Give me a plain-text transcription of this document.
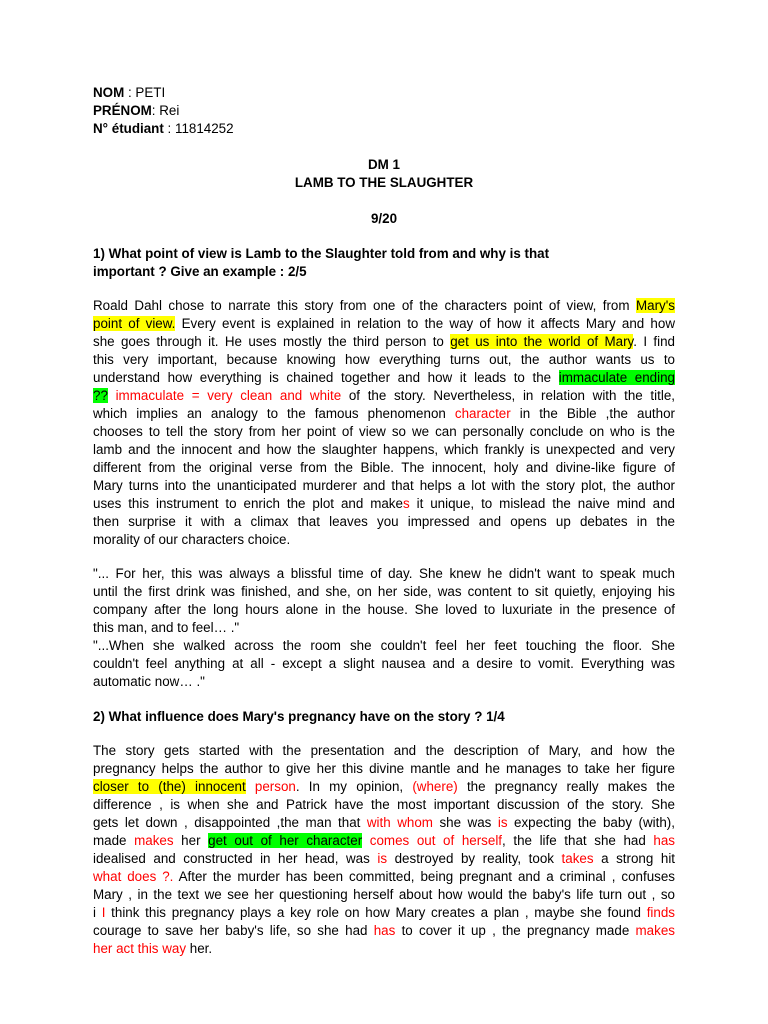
NOM : PETI
PRÉNOM: Rei
N° étudiant : 11814252
DM 1
LAMB TO THE SLAUGHTER
9/20
1) What point of view is Lamb to the Slaughter told from and why is that
important ? Give an example : 2/5
Roald Dahl chose to narrate this story from one of the characters point of view, from Mary's
point of view. Every event is explained in relation to the way of how it affects Mary and how
she goes through it. He uses mostly the third person to get us into the world of Mary. I find
this very important, because knowing how everything turns out, the author wants us to
understand how everything is chained together and how it leads to the immaculate ending
?? immaculate = very clean and white of the story. Nevertheless, in relation with the title,
which implies an analogy to the famous phenomenon character in the Bible ,the author
chooses to tell the story from her point of view so we can personally conclude on who is the
lamb and the innocent and how the slaughter happens, which frankly is unexpected and very
different from the original verse from the Bible. The innocent, holy and divine-like figure of
Mary turns into the unanticipated murderer and that helps a lot with the story plot, the author
uses this instrument to enrich the plot and makes it unique, to mislead the naive mind and
then surprise it with a climax that leaves you impressed and opens up debates in the
morality of our characters choice.
"... For her, this was always a blissful time of day. She knew he didn't want to speak much
until the first drink was finished, and she, on her side, was content to sit quietly, enjoying his
company after the long hours alone in the house. She loved to luxuriate in the presence of
this man, and to feel… ."
"...When she walked across the room she couldn't feel her feet touching the floor. She
couldn't feel anything at all - except a slight nausea and a desire to vomit. Everything was
automatic now… ."
2) What influence does Mary's pregnancy have on the story ? 1/4
The story gets started with the presentation and the description of Mary, and how the
pregnancy helps the author to give her this divine mantle and he manages to take her figure
closer to (the) innocent person. In my opinion, (where) the pregnancy really makes the
difference , is when she and Patrick have the most important discussion of the story. She
gets let down , disappointed ,the man that with whom she was is expecting the baby (with),
made makes her get out of her character comes out of herself, the life that she had has
idealised and constructed in her head, was is destroyed by reality, took takes a strong hit
what does ?. After the murder has been committed, being pregnant and a criminal , confuses
Mary , in the text we see her questioning herself about how would the baby's life turn out , so
i I think this pregnancy plays a key role on how Mary creates a plan , maybe she found finds
courage to save her baby's life, so she had has to cover it up , the pregnancy made makes
her act this way her.
